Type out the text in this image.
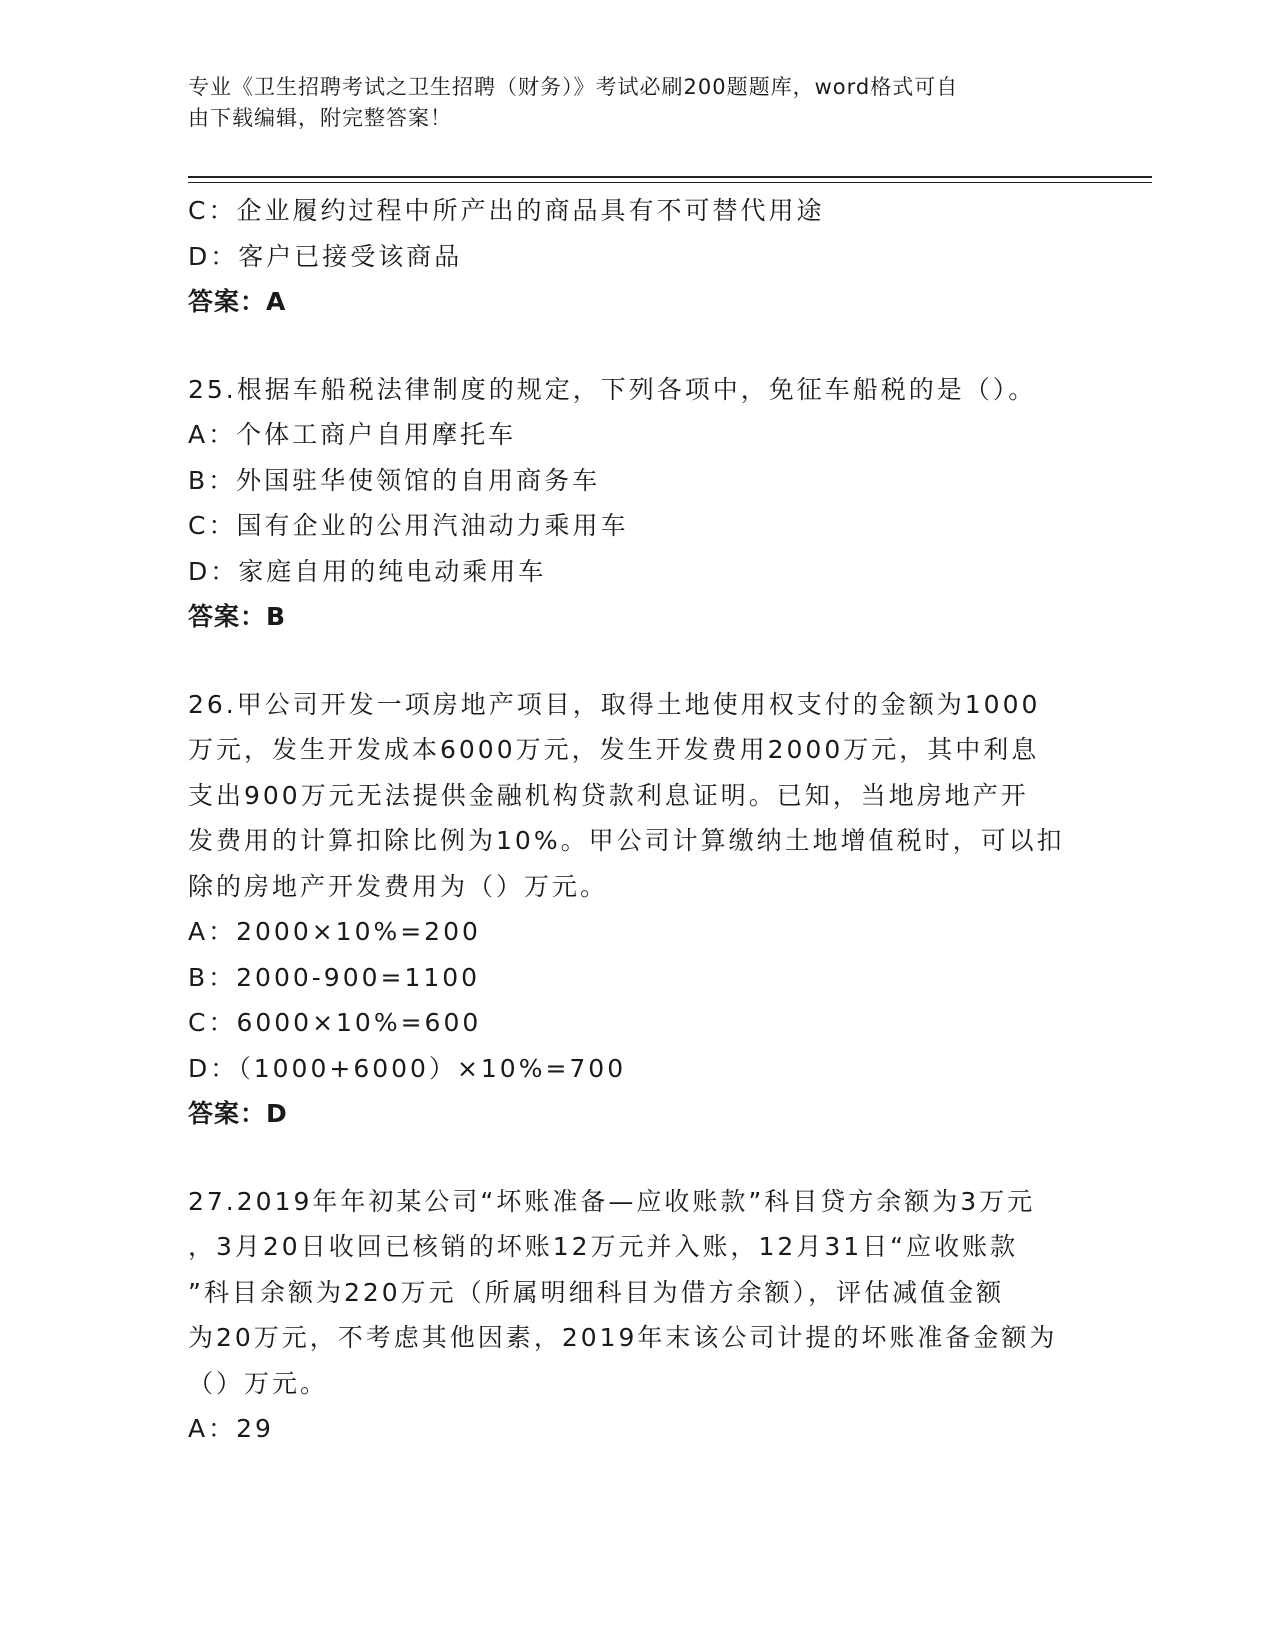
专业《卫生招聘考试之卫生招聘（财务）》考试必刷200题题库，word格式可自
由下载编辑，附完整答案！
C：企业履约过程中所产出的商品具有不可替代用途
D：客户已接受该商品
答案：A
25.根据车船税法律制度的规定，下列各项中，免征车船税的是（）。
A：个体工商户自用摩托车
B：外国驻华使领馆的自用商务车
C：国有企业的公用汽油动力乘用车
D：家庭自用的纯电动乘用车
答案：B
26.甲公司开发一项房地产项目，取得土地使用权支付的金额为1000
万元，发生开发成本6000万元，发生开发费用2000万元，其中利息
支出900万元无法提供金融机构贷款利息证明。已知，当地房地产开
发费用的计算扣除比例为10%。甲公司计算缴纳土地增值税时，可以扣
除的房地产开发费用为（）万元。
A：2000×10%=200
B：2000-900=1100
C：6000×10%=600
D：（1000+6000）×10%=700
答案：D
27.2019年年初某公司“坏账准备—应收账款”科目贷方余额为3万元
，3月20日收回已核销的坏账12万元并入账，12月31日“应收账款
”科目余额为220万元（所属明细科目为借方余额），评估减值金额
为20万元，不考虑其他因素，2019年末该公司计提的坏账准备金额为
（）万元。
A：29
